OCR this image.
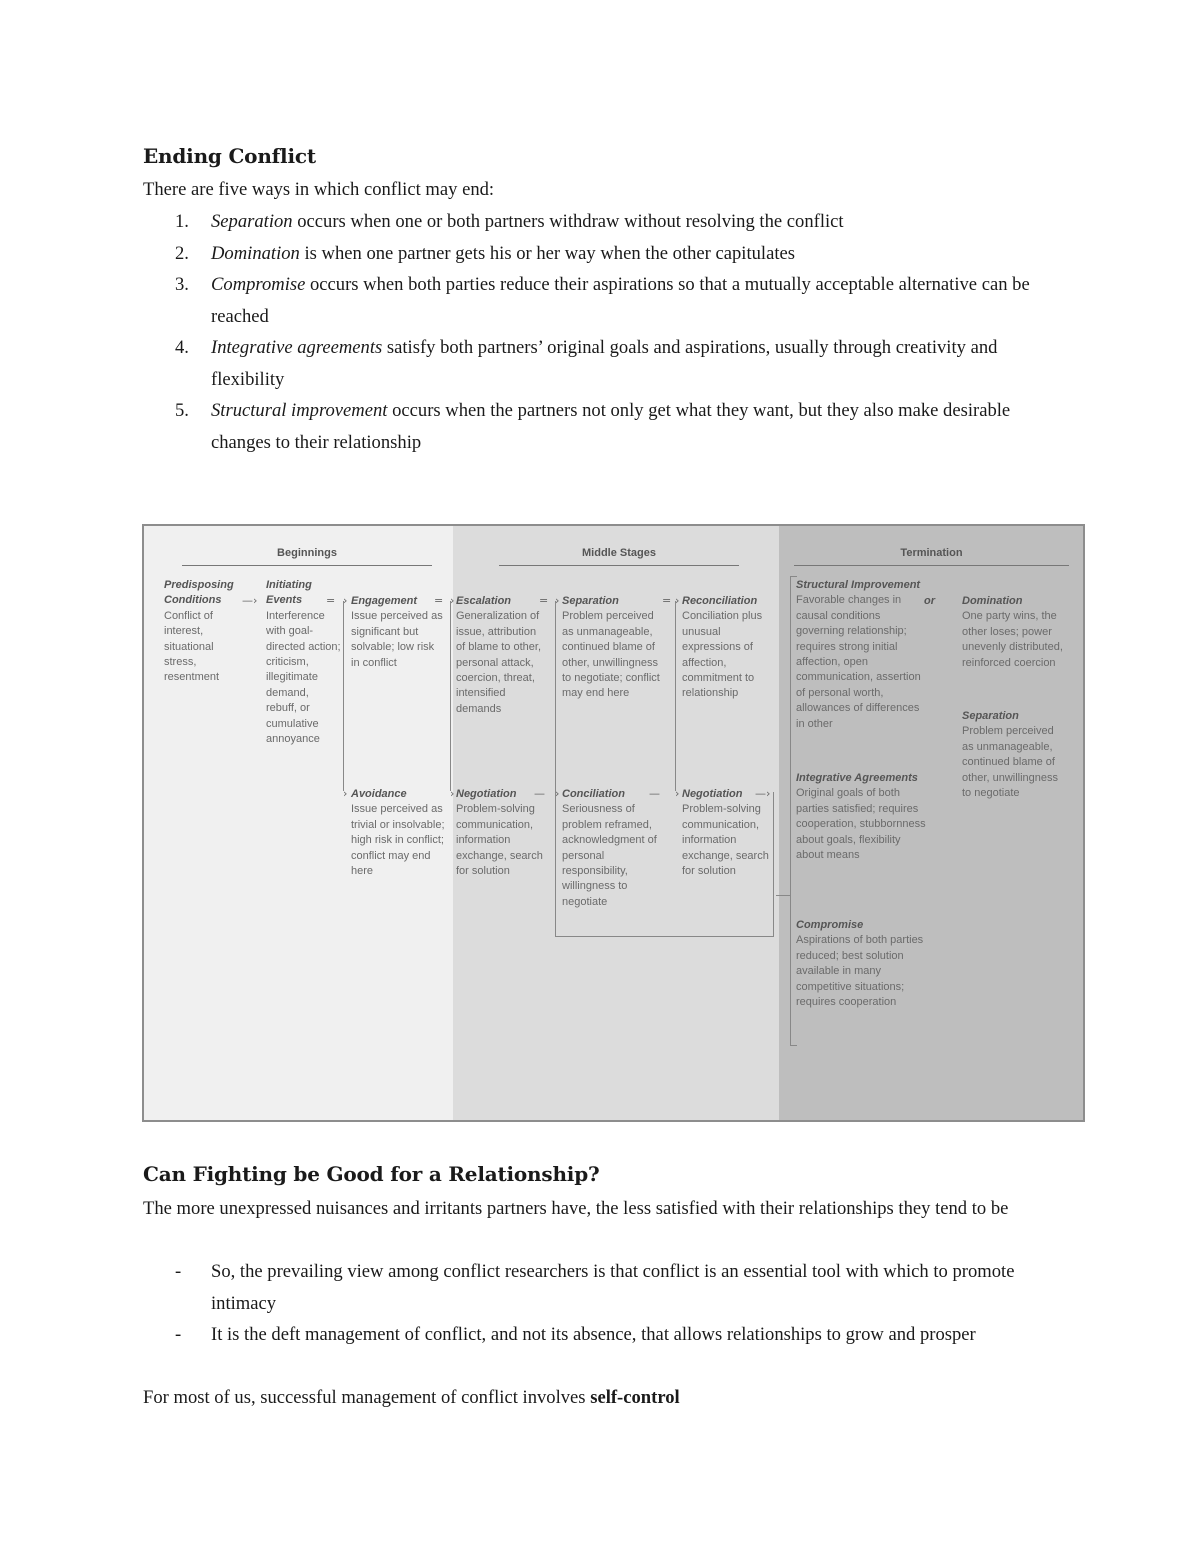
Ending Conflict

There are five ways in which conflict may end:

1. Separation occurs when one or both partners withdraw without resolving the conflict
2. Domination is when one partner gets his or her way when the other capitulates
3. Compromise occurs when both parties reduce their aspirations so that a mutually acceptable alternative can be reached
4. Integrative agreements satisfy both partners’ original goals and aspirations, usually through creativity and flexibility
5. Structural improvement occurs when the partners not only get what they want, but they also make desirable changes to their relationship
Beginnings	Middle Stages	Termination
Predisposing Conditions
Conflict of interest, situational stress, resentment
—›
Initiating Events
Interference with goal-directed action; criticism, illegitimate demand, rebuff, or cumulative annoyance
= ›
›
Engagement
Issue perceived as significant but solvable; low risk in conflict
=
Avoidance
Issue perceived as trivial or insolvable; high risk in conflict; conflict may end here
›
›
Escalation
Generalization of issue, attribution of blame to other, personal attack, coercion, threat, intensified demands
Negotiation
Problem-solving communication, information exchange, search for solution
=
—
›
›
Separation
Problem perceived as unmanageable, continued blame of other, unwillingness to negotiate; conflict may end here
Conciliation
Seriousness of problem reframed, acknowledgment of personal responsibility, willingness to negotiate
=
—
›
›
Reconciliation
Conciliation plus unusual expressions of affection, commitment to relationship
Negotiation
Problem-solving communication, information exchange, search for solution
—›
Structural Improvement
Favorable changes in causal conditions governing relationship; requires strong initial affection, open communication, assertion of personal worth, allowances of differences in other
or
Integrative Agreements
Original goals of both parties satisfied; requires cooperation, stubbornness about goals, flexibility about means
Compromise
Aspirations of both parties reduced; best solution available in many competitive situations; requires cooperation
Domination
One party wins, the other loses; power unevenly distributed, reinforced coercion
Separation
Problem perceived as unmanageable, continued blame of other, unwillingness to negotiate
Can Fighting be Good for a Relationship?

The more unexpressed nuisances and irritants partners have, the less satisfied with their relationships they tend to be

- So, the prevailing view among conflict researchers is that conflict is an essential tool with which to promote intimacy
- It is the deft management of conflict, and not its absence, that allows relationships to grow and prosper

For most of us, successful management of conflict involves self-control
